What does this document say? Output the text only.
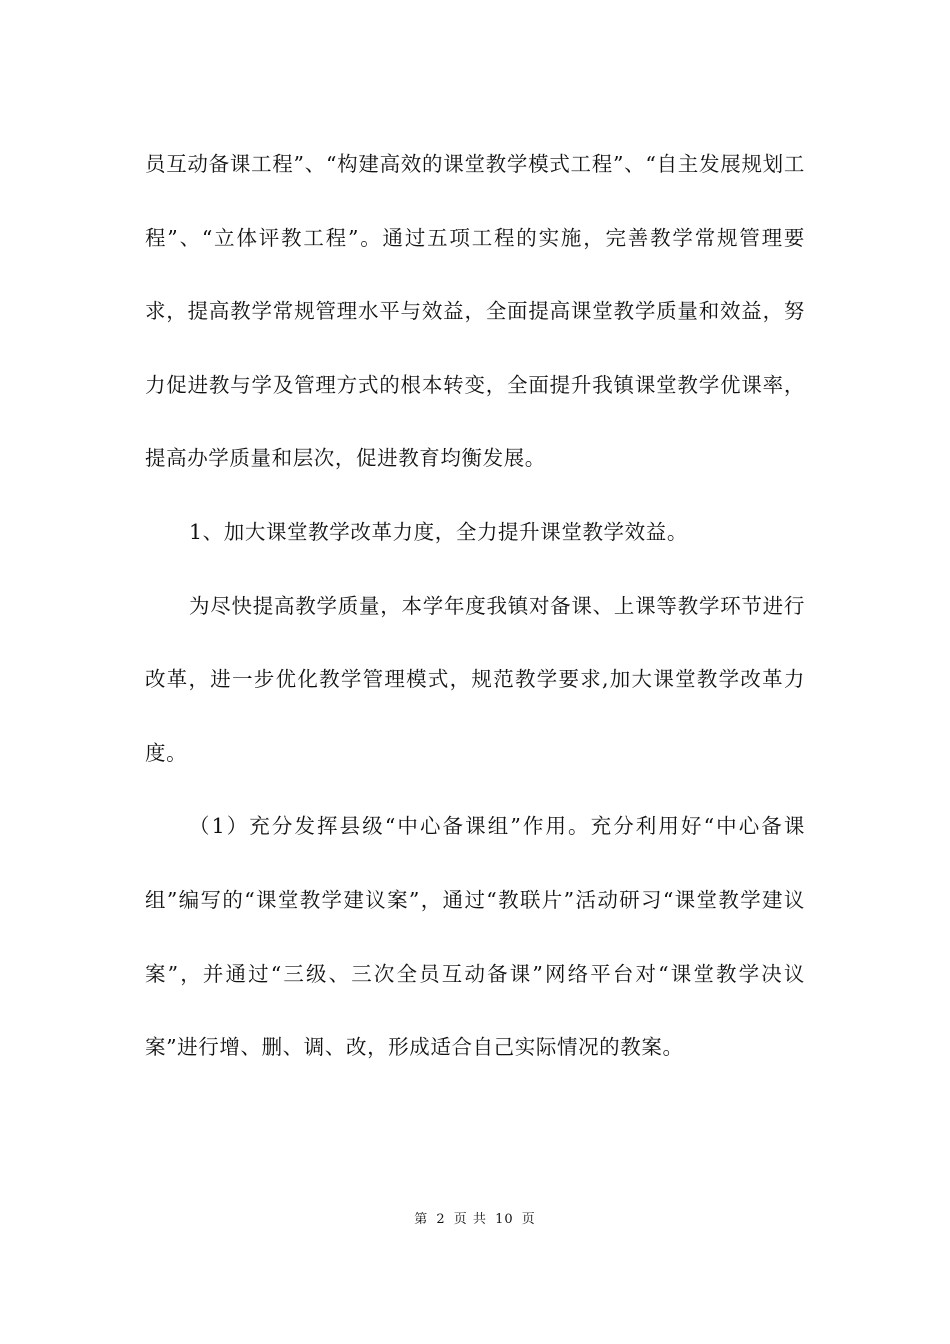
员互动备课工程”、“构建高效的课堂教学模式工程”、“自主发展规划工程”、“立体评教工程”。通过五项工程的实施，完善教学常规管理要求，提高教学常规管理水平与效益，全面提高课堂教学质量和效益，努力促进教与学及管理方式的根本转变，全面提升我镇课堂教学优课率，提高办学质量和层次，促进教育均衡发展。

1、加大课堂教学改革力度，全力提升课堂教学效益。

为尽快提高教学质量，本学年度我镇对备课、上课等教学环节进行改革，进一步优化教学管理模式，规范教学要求,加大课堂教学改革力度。

（1）充分发挥县级“中心备课组”作用。充分利用好“中心备课组”编写的“课堂教学建议案”，通过“教联片”活动研习“课堂教学建议案”，并通过“三级、三次全员互动备课”网络平台对“课堂教学决议案”进行增、删、调、改，形成适合自己实际情况的教案。

第 2 页 共 10 页
